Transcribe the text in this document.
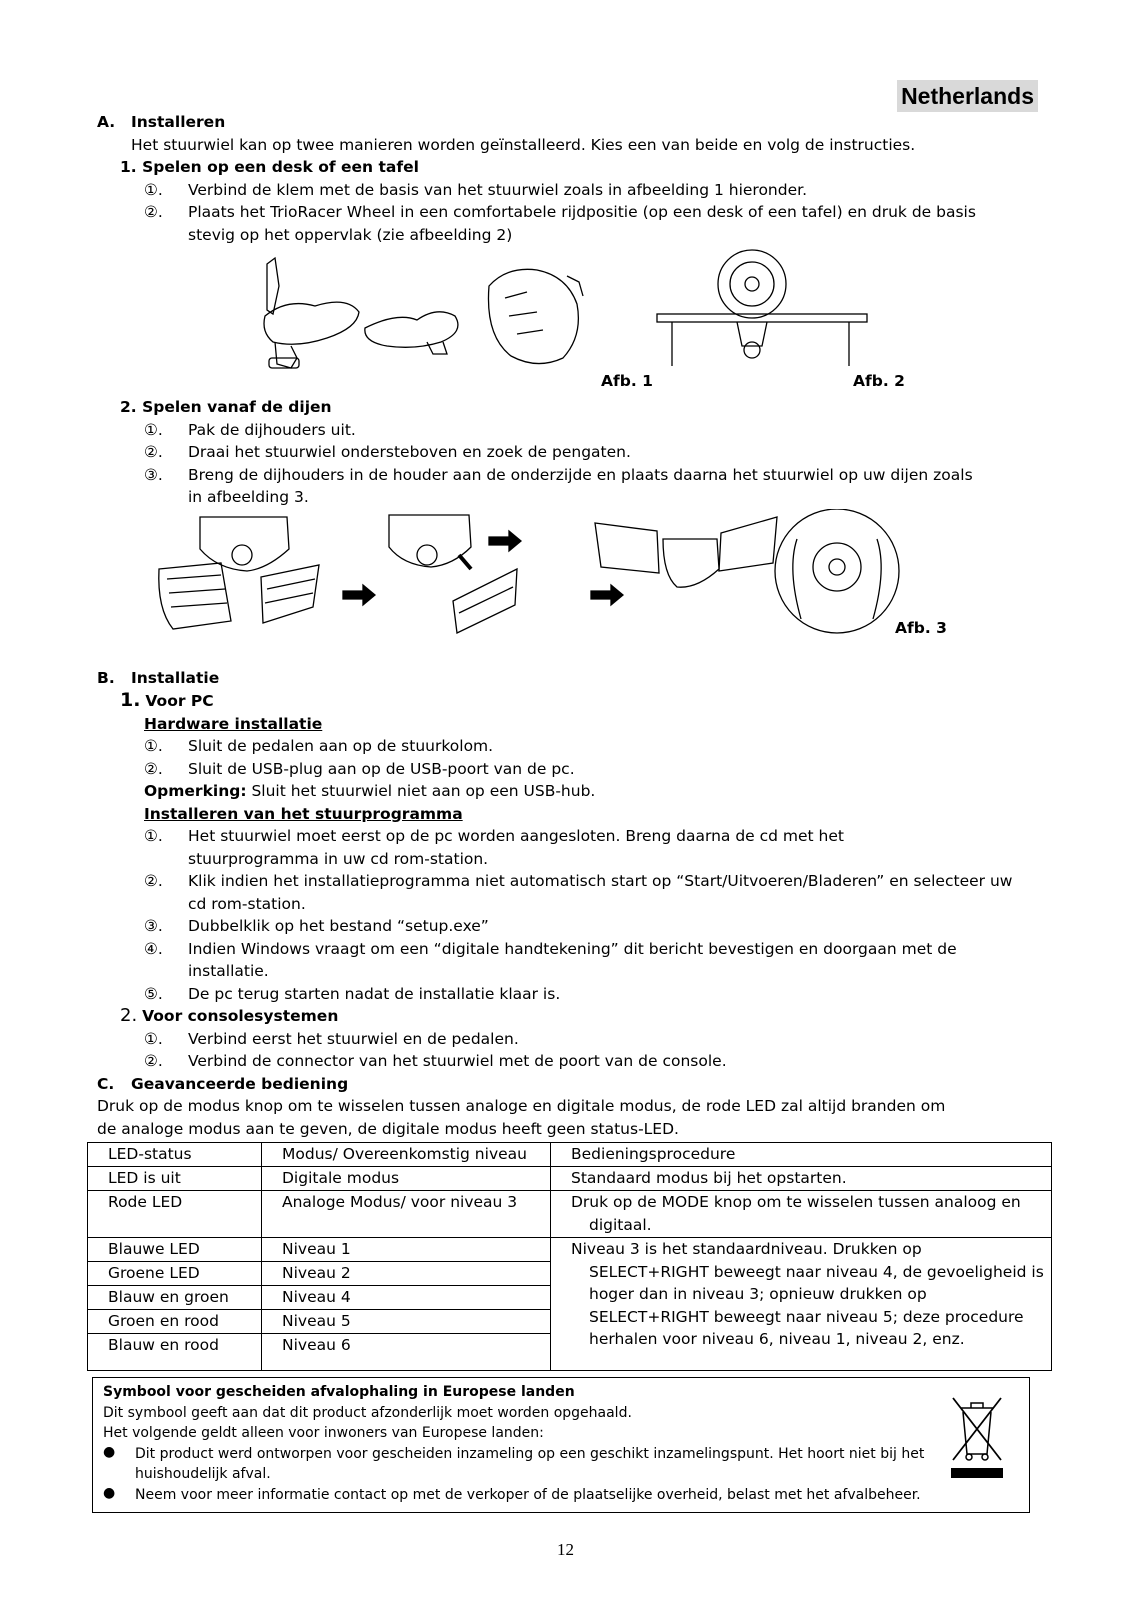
Netherlands
A.	Installeren
Het stuurwiel kan op twee manieren worden geïnstalleerd. Kies een van beide en volg de instructies.
1. Spelen op een desk of een tafel
①.	Verbind de klem met de basis van het stuurwiel zoals in afbeelding 1 hieronder.
②.	Plaats het TrioRacer Wheel in een comfortabele rijdpositie (op een desk of een tafel) en druk de basis stevig op het oppervlak (zie afbeelding 2)
Afb. 1	Afb. 2
2. Spelen vanaf de dijen
①.	Pak de dijhouders uit.
②.	Draai het stuurwiel ondersteboven en zoek de pengaten.
③.	Breng de dijhouders in de houder aan de onderzijde en plaats daarna het stuurwiel op uw dijen zoals in afbeelding 3.
Afb. 3
B.	Installatie
1. Voor PC
Hardware installatie
①.	Sluit de pedalen aan op de stuurkolom.
②.	Sluit de USB-plug aan op de USB-poort van de pc.
Opmerking: Sluit het stuurwiel niet aan op een USB-hub.
Installeren van het stuurprogramma
①.	Het stuurwiel moet eerst op de pc worden aangesloten. Breng daarna de cd met het stuurprogramma in uw cd rom-station.
②.	Klik indien het installatieprogramma niet automatisch start op “Start/Uitvoeren/Bladeren” en selecteer uw cd rom-station.
③.	Dubbelklik op het bestand “setup.exe”
④.	Indien Windows vraagt om een “digitale handtekening” dit bericht bevestigen en doorgaan met de installatie.
⑤.	De pc terug starten nadat de installatie klaar is.
2. Voor consolesystemen
①.	Verbind eerst het stuurwiel en de pedalen.
②.	Verbind de connector van het stuurwiel met de poort van de console.
C.	Geavanceerde bediening
Druk op de modus knop om te wisselen tussen analoge en digitale modus, de rode LED zal altijd branden om
de analoge modus aan te geven, de digitale modus heeft geen status-LED.
LED-status	Modus/ Overeenkomstig niveau	Bedieningsprocedure
LED is uit	Digitale modus	Standaard modus bij het opstarten.
Rode LED	Analoge Modus/ voor niveau 3	Druk op de MODE knop om te wisselen tussen analoog en digitaal.

Blauwe LED	Niveau 1	Niveau 3 is het standaardniveau. Drukken op SELECT+RIGHT beweegt naar niveau 4, de gevoeligheid is hoger dan in niveau 3; opnieuw drukken op SELECT+RIGHT beweegt naar niveau 5; deze procedure herhalen voor niveau 6, niveau 1, niveau 2, enz.

Groene LED	Niveau 2	
Blauw en groen	Niveau 4	
Groen en rood	Niveau 5	
Blauw en rood	Niveau 6	
Symbool voor gescheiden afvalophaling in Europese landen
Dit symbool geeft aan dat dit product afzonderlijk moet worden opgehaald.
Het volgende geldt alleen voor inwoners van Europese landen:
●	Dit product werd ontworpen voor gescheiden inzameling op een geschikt inzamelingspunt. Het hoort niet bij het huishoudelijk afval.
●	Neem voor meer informatie contact op met de verkoper of de plaatselijke overheid, belast met het afvalbeheer.
12
